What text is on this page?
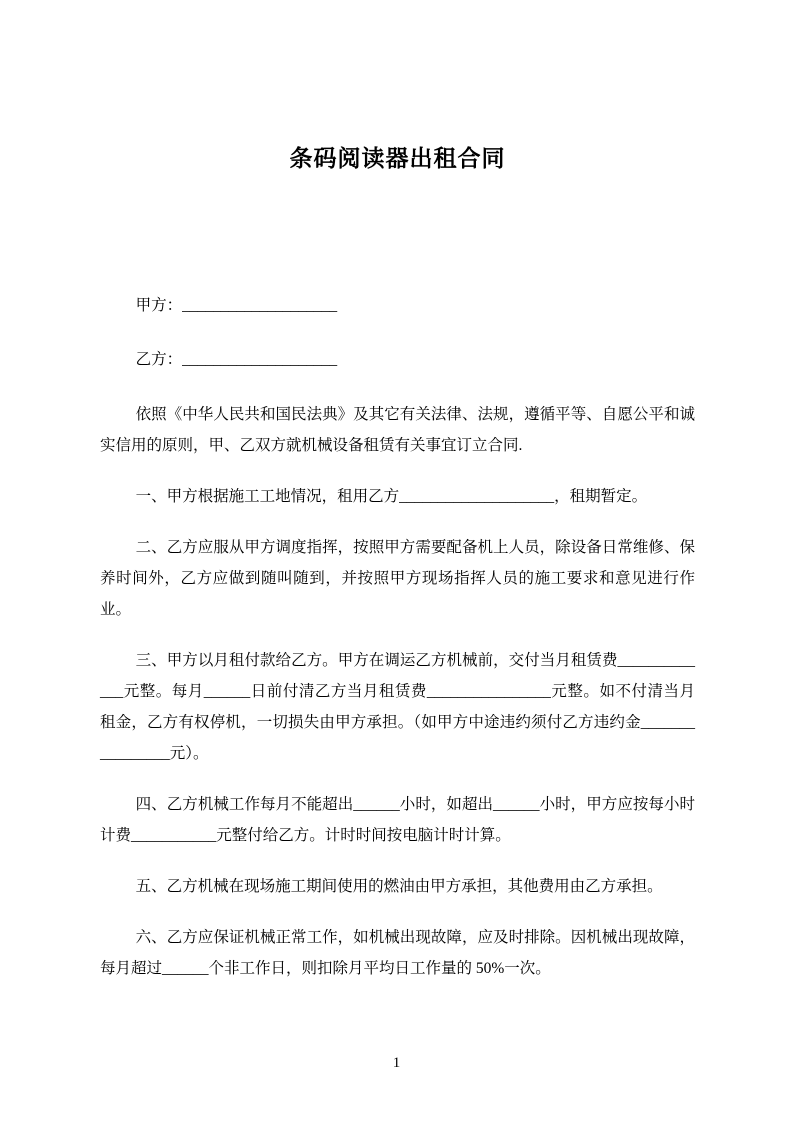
条码阅读器出租合同
甲方：____________________
乙方：____________________

依照《中华人民共和国民法典》及其它有关法律、法规，遵循平等、自愿公平和诚实信用的原则，甲、乙双方就机械设备租赁有关事宜订立合同.

一、甲方根据施工工地情况，租用乙方____________________，租期暂定。

二、乙方应服从甲方调度指挥，按照甲方需要配备机上人员，除设备日常维修、保养时间外，乙方应做到随叫随到，并按照甲方现场指挥人员的施工要求和意见进行作业。

三、甲方以月租付款给乙方。甲方在调运乙方机械前，交付当月租赁费_____________元整。每月______日前付清乙方当月租赁费________________元整。如不付清当月租金，乙方有权停机，一切损失由甲方承担。（如甲方中途违约须付乙方违约金________________元）。

四、乙方机械工作每月不能超出______小时，如超出______小时，甲方应按每小时计费___________元整付给乙方。计时时间按电脑计时计算。

五、乙方机械在现场施工期间使用的燃油由甲方承担，其他费用由乙方承担。

六、乙方应保证机械正常工作，如机械出现故障，应及时排除。因机械出现故障，每月超过______个非工作日，则扣除月平均日工作量的 50%一次。

1
